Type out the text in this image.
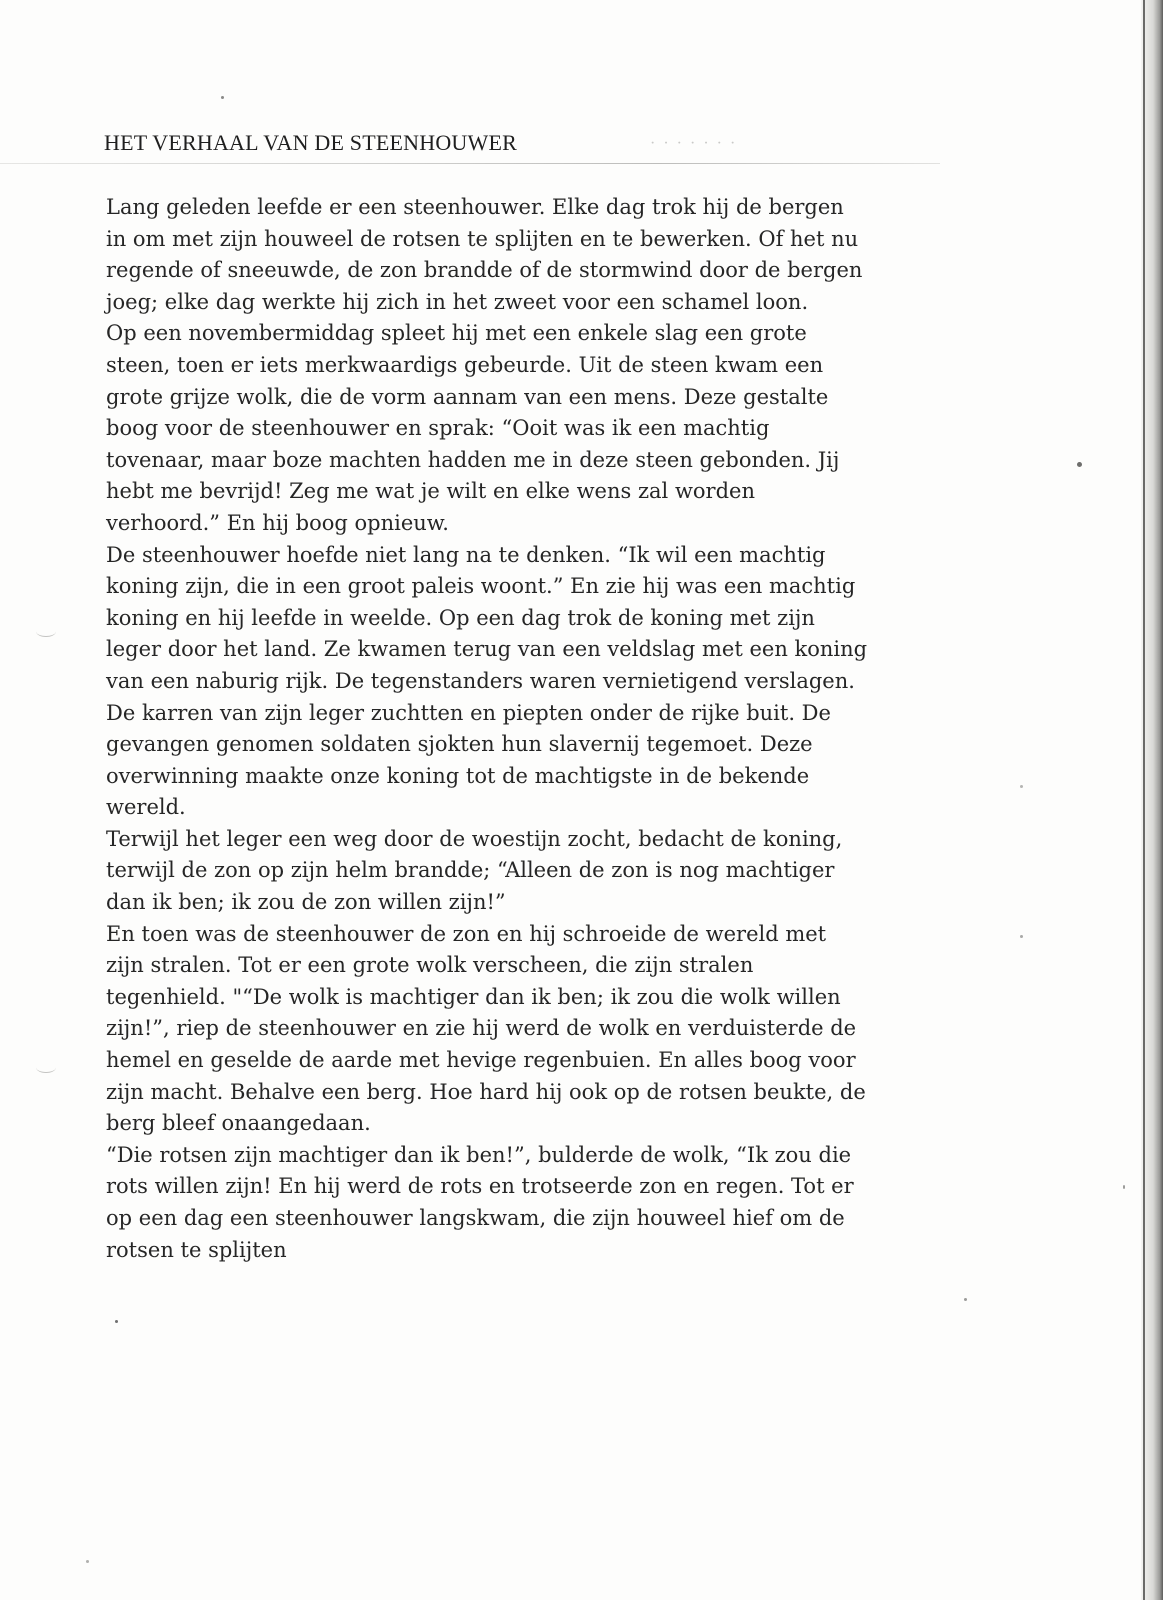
HET VERHAAL VAN DE STEENHOUWER	· · · · · · ·
Lang geleden leefde er een steenhouwer. Elke dag trok hij de bergen
in om met zijn houweel de rotsen te splijten en te bewerken. Of het nu
regende of sneeuwde, de zon brandde of de stormwind door de bergen
joeg; elke dag werkte hij zich in het zweet voor een schamel loon.
Op een novembermiddag spleet hij met een enkele slag een grote
steen, toen er iets merkwaardigs gebeurde. Uit de steen kwam een
grote grijze wolk, die de vorm aannam van een mens. Deze gestalte
boog voor de steenhouwer en sprak: “Ooit was ik een machtig
tovenaar, maar boze machten hadden me in deze steen gebonden. Jij
hebt me bevrijd! Zeg me wat je wilt en elke wens zal worden
verhoord.” En hij boog opnieuw.
De steenhouwer hoefde niet lang na te denken. “Ik wil een machtig
koning zijn, die in een groot paleis woont.” En zie hij was een machtig
koning en hij leefde in weelde. Op een dag trok de koning met zijn
leger door het land. Ze kwamen terug van een veldslag met een koning
van een naburig rijk. De tegenstanders waren vernietigend verslagen.
De karren van zijn leger zuchtten en piepten onder de rijke buit. De
gevangen genomen soldaten sjokten hun slavernij tegemoet. Deze
overwinning maakte onze koning tot de machtigste in de bekende
wereld.
Terwijl het leger een weg door de woestijn zocht, bedacht de koning,
terwijl de zon op zijn helm brandde; “Alleen de zon is nog machtiger
dan ik ben; ik zou de zon willen zijn!”
En toen was de steenhouwer de zon en hij schroeide de wereld met
zijn stralen. Tot er een grote wolk verscheen, die zijn stralen
tegenhield. "“De wolk is machtiger dan ik ben; ik zou die wolk willen
zijn!”, riep de steenhouwer en zie hij werd de wolk en verduisterde de
hemel en geselde de aarde met hevige regenbuien. En alles boog voor
zijn macht. Behalve een berg. Hoe hard hij ook op de rotsen beukte, de
berg bleef onaangedaan.
“Die rotsen zijn machtiger dan ik ben!”, bulderde de wolk, “Ik zou die
rots willen zijn! En hij werd de rots en trotseerde zon en regen. Tot er
op een dag een steenhouwer langskwam, die zijn houweel hief om de
rotsen te splijten
